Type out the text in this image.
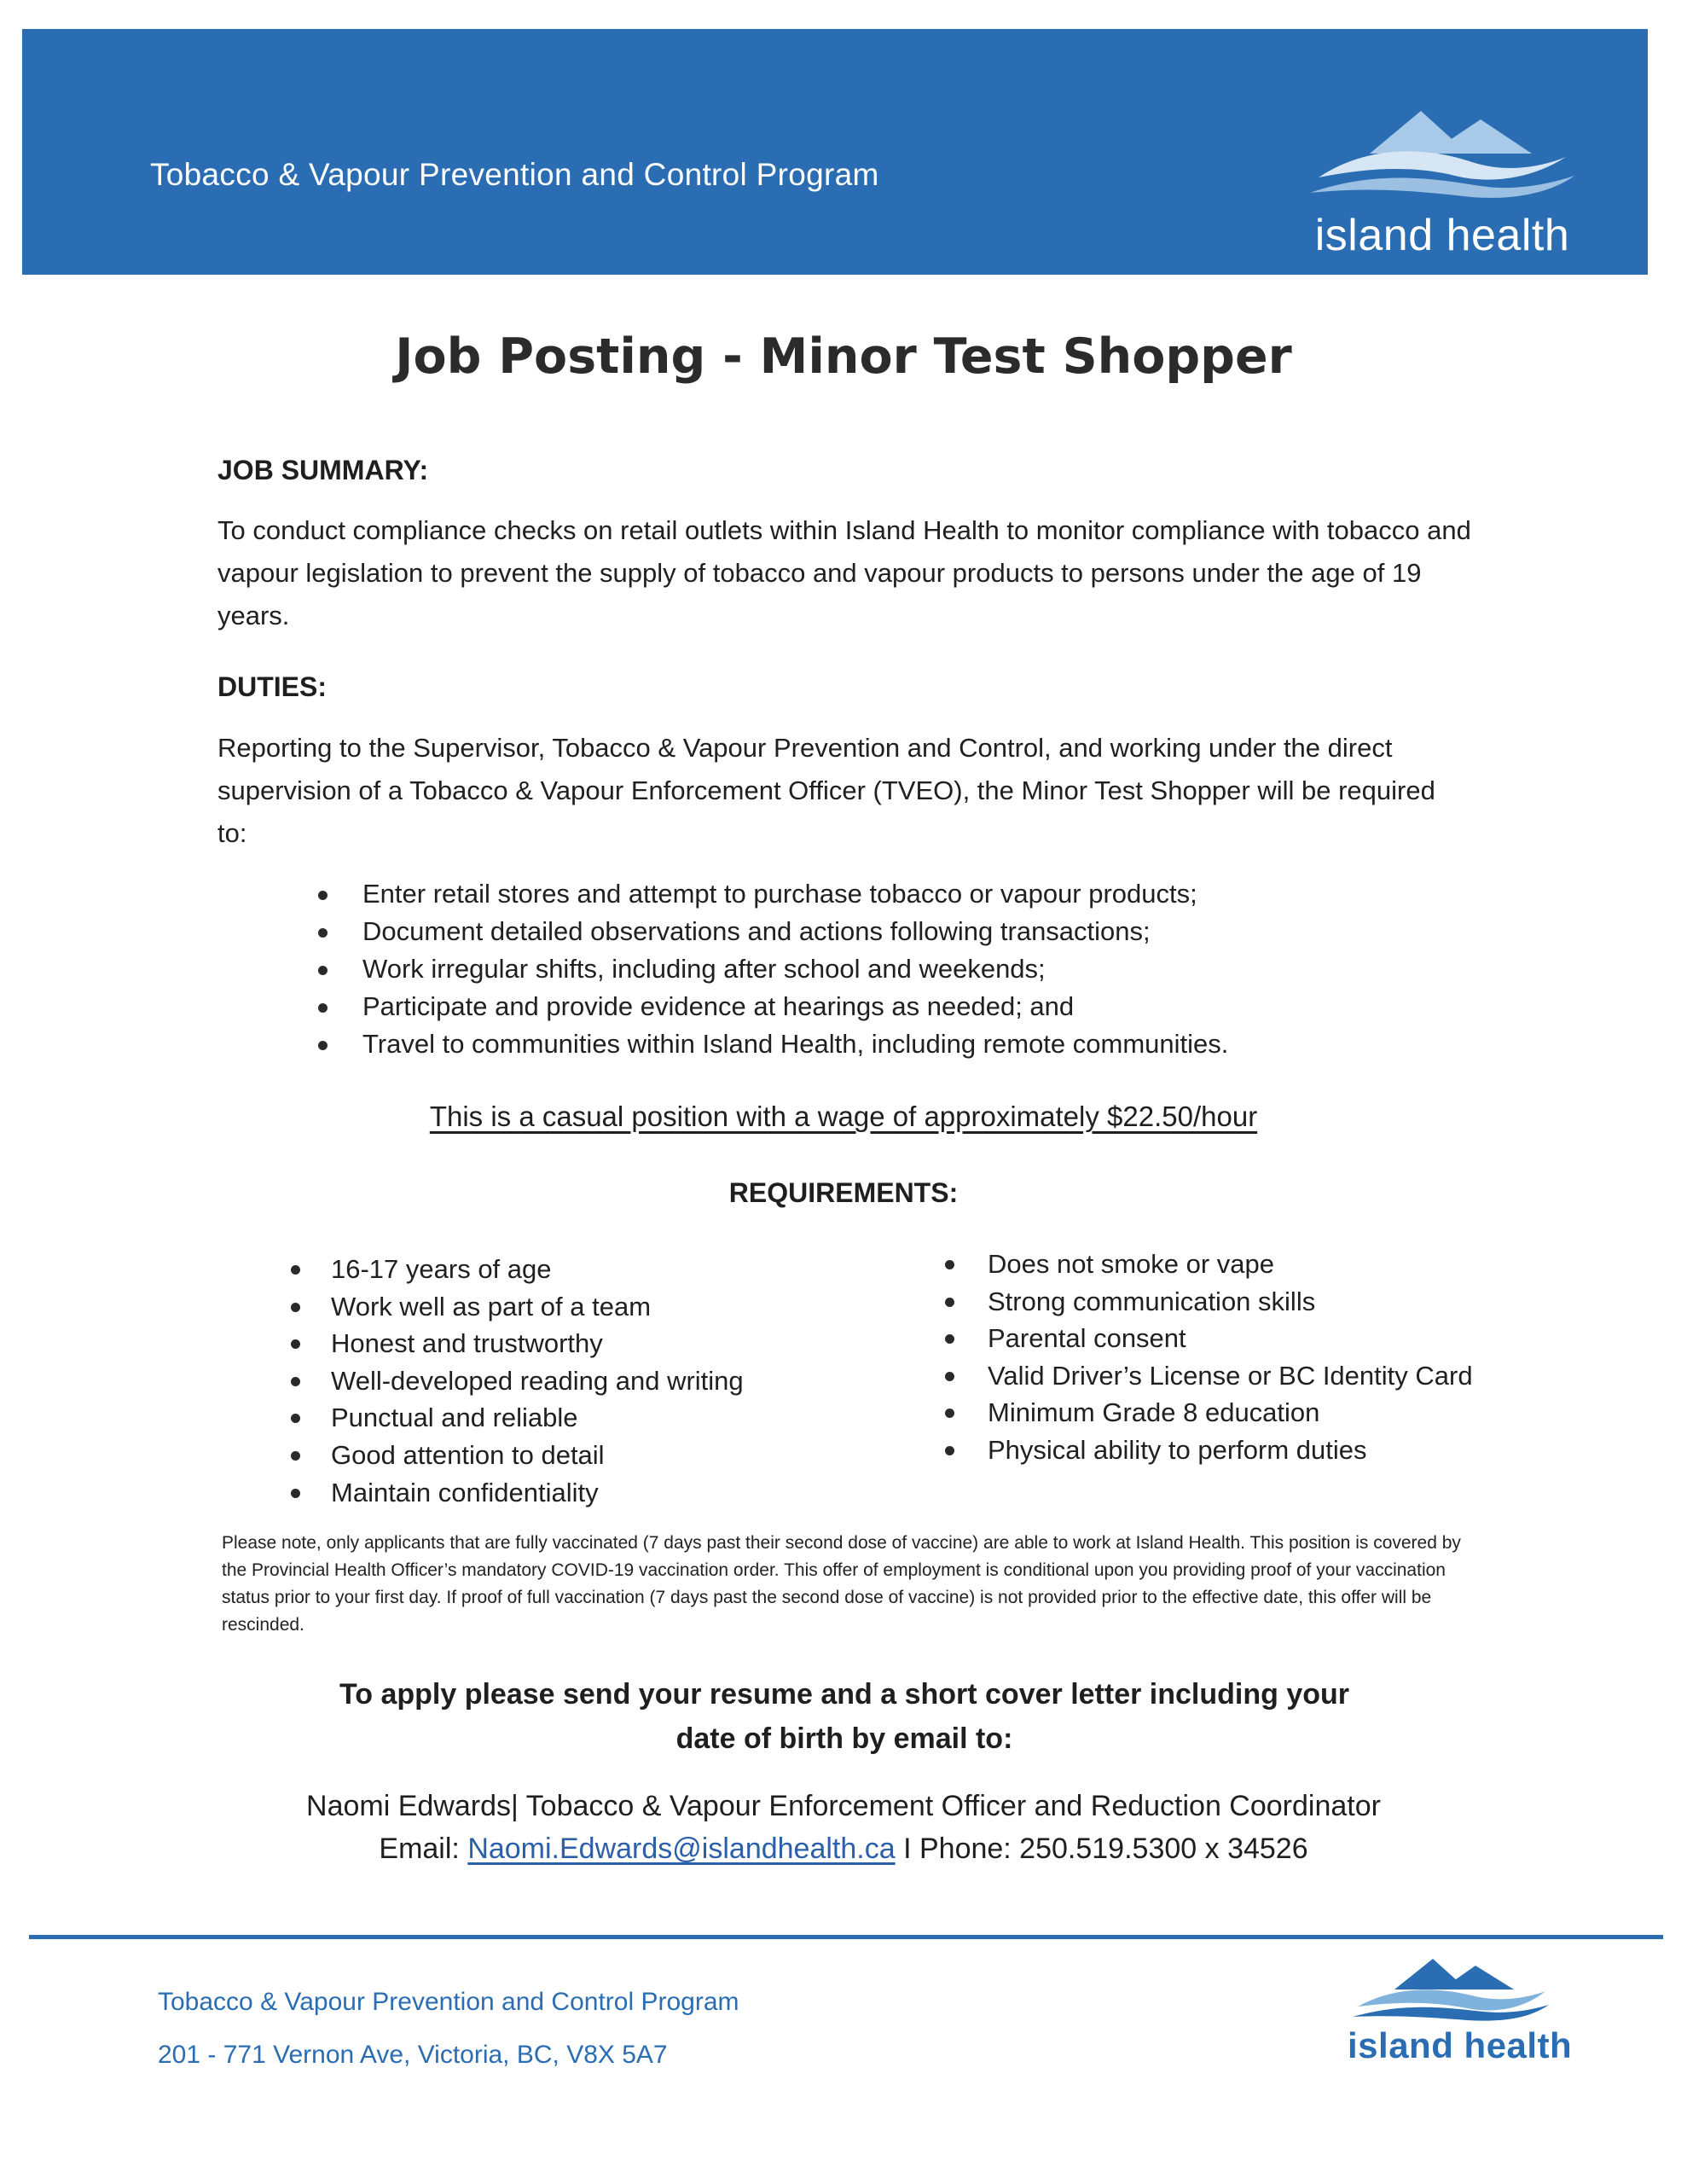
Tobacco & Vapour Prevention and Control Program
island health
Job Posting - Minor Test Shopper
JOB SUMMARY:
To conduct compliance checks on retail outlets within Island Health to monitor compliance with tobacco and vapour legislation to prevent the supply of tobacco and vapour products to persons under the age of 19 years.
DUTIES:
Reporting to the Supervisor, Tobacco & Vapour Prevention and Control, and working under the direct supervision of a Tobacco & Vapour Enforcement Officer (TVEO), the Minor Test Shopper will be required to:
Enter retail stores and attempt to purchase tobacco or vapour products;
Document detailed observations and actions following transactions;
Work irregular shifts, including after school and weekends;
Participate and provide evidence at hearings as needed; and
Travel to communities within Island Health, including remote communities.
This is a casual position with a wage of approximately $22.50/hour
REQUIREMENTS:
16-17 years of age
Work well as part of a team
Honest and trustworthy
Well-developed reading and writing
Punctual and reliable
Good attention to detail
Maintain confidentiality
Does not smoke or vape
Strong communication skills
Parental consent
Valid Driver’s License or BC Identity Card
Minimum Grade 8 education
Physical ability to perform duties
Please note, only applicants that are fully vaccinated (7 days past their second dose of vaccine) are able to work at Island Health. This position is covered by the Provincial Health Officer’s mandatory COVID-19 vaccination order. This offer of employment is conditional upon you providing proof of your vaccination status prior to your first day. If proof of full vaccination (7 days past the second dose of vaccine) is not provided prior to the effective date, this offer will be rescinded.
To apply please send your resume and a short cover letter including your
date of birth by email to:
Naomi Edwards| Tobacco & Vapour Enforcement Officer and Reduction Coordinator
Email: Naomi.Edwards@islandhealth.ca I Phone: 250.519.5300 x 34526
Tobacco & Vapour Prevention and Control Program
201 - 771 Vernon Ave, Victoria, BC, V8X 5A7	island health
